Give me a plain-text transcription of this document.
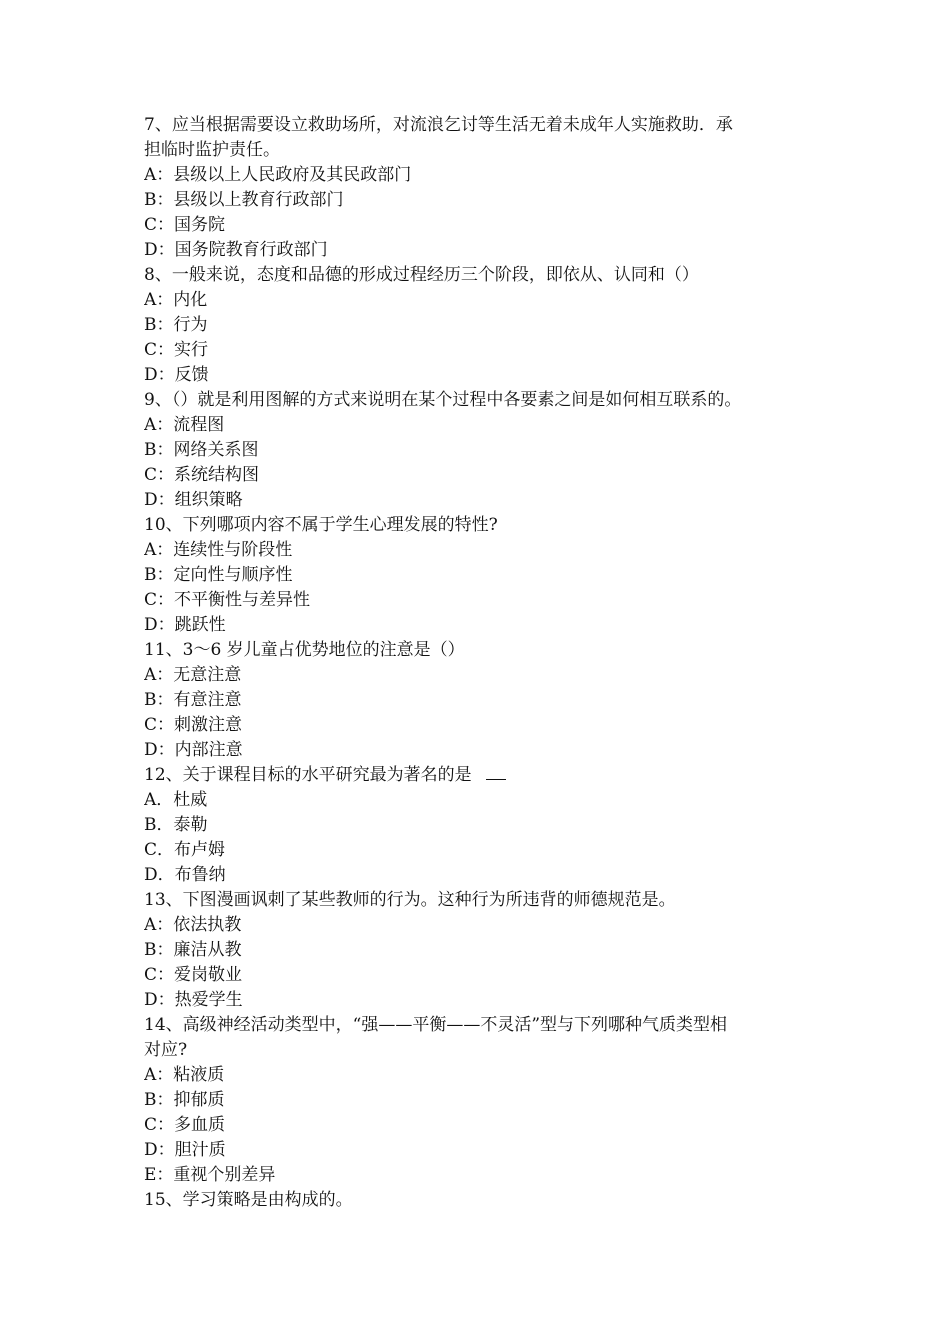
7、应当根据需要设立救助场所，对流浪乞讨等生活无着未成年人实施救助．承
担临时监护责任。
A：县级以上人民政府及其民政部门
B：县级以上教育行政部门
C：国务院
D：国务院教育行政部门
8、一般来说，态度和品德的形成过程经历三个阶段，即依从、认同和（）
A：内化
B：行为
C：实行
D：反馈
9、（）就是利用图解的方式来说明在某个过程中各要素之间是如何相互联系的。
A：流程图
B：网络关系图
C：系统结构图
D：组织策略
10、下列哪项内容不属于学生心理发展的特性?
A：连续性与阶段性
B：定向性与顺序性
C：不平衡性与差异性
D：跳跃性
11、3～6 岁儿童占优势地位的注意是（）
A：无意注意
B：有意注意
C：刺激注意
D：内部注意
12、关于课程目标的水平研究最为著名的是
A．杜威
B．泰勒
C．布卢姆
D．布鲁纳
13、下图漫画讽刺了某些教师的行为。这种行为所违背的师德规范是。
A：依法执教
B：廉洁从教
C：爱岗敬业
D：热爱学生
14、高级神经活动类型中，“强——平衡——不灵活”型与下列哪种气质类型相
对应?
A：粘液质
B：抑郁质
C：多血质
D：胆汁质
E：重视个别差异
15、学习策略是由构成的。
